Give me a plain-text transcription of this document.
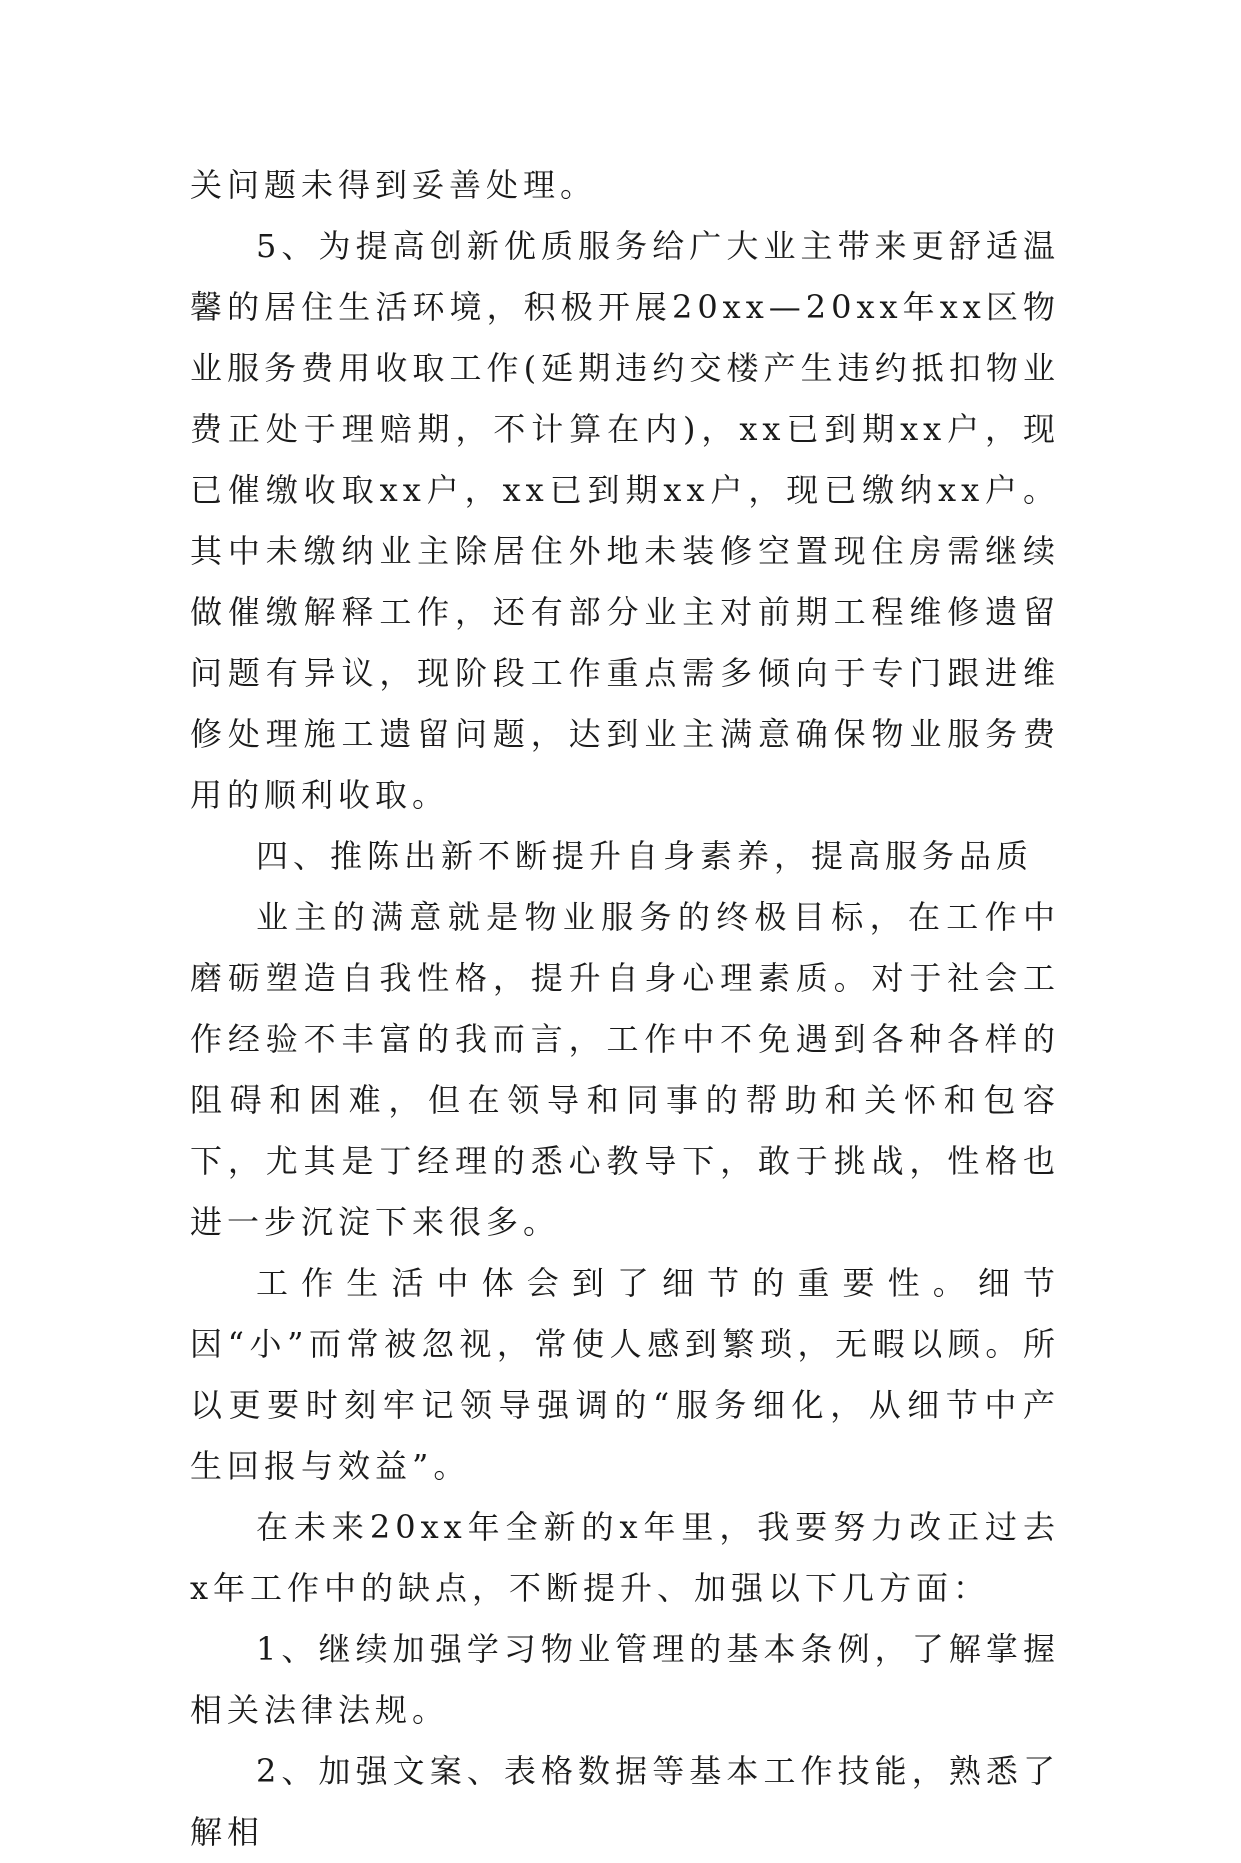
关问题未得到妥善处理。

5、为提高创新优质服务给广大业主带来更舒适温馨的居住生活环境，积极开展20xx—20xx年xx区物业服务费用收取工作(延期违约交楼产生违约抵扣物业费正处于理赔期，不计算在内)，xx已到期xx户，现已催缴收取xx户，xx已到期xx户，现已缴纳xx户。其中未缴纳业主除居住外地未装修空置现住房需继续做催缴解释工作，还有部分业主对前期工程维修遗留问题有异议，现阶段工作重点需多倾向于专门跟进维修处理施工遗留问题，达到业主满意确保物业服务费用的顺利收取。

四、推陈出新不断提升自身素养，提高服务品质

业主的满意就是物业服务的终极目标，在工作中磨砺塑造自我性格，提升自身心理素质。对于社会工作经验不丰富的我而言，工作中不免遇到各种各样的阻碍和困难，但在领导和同事的帮助和关怀和包容下，尤其是丁经理的悉心教导下，敢于挑战，性格也进一步沉淀下来很多。

工作生活中体会到了细节的重要性。细节因“小”而常被忽视，常使人感到繁琐，无暇以顾。所以更要时刻牢记领导强调的“服务细化，从细节中产生回报与效益”。

在未来20xx年全新的x年里，我要努力改正过去x年工作中的缺点，不断提升、加强以下几方面：

1、继续加强学习物业管理的基本条例，了解掌握相关法律法规。

2、加强文案、表格数据等基本工作技能，熟悉了解相
